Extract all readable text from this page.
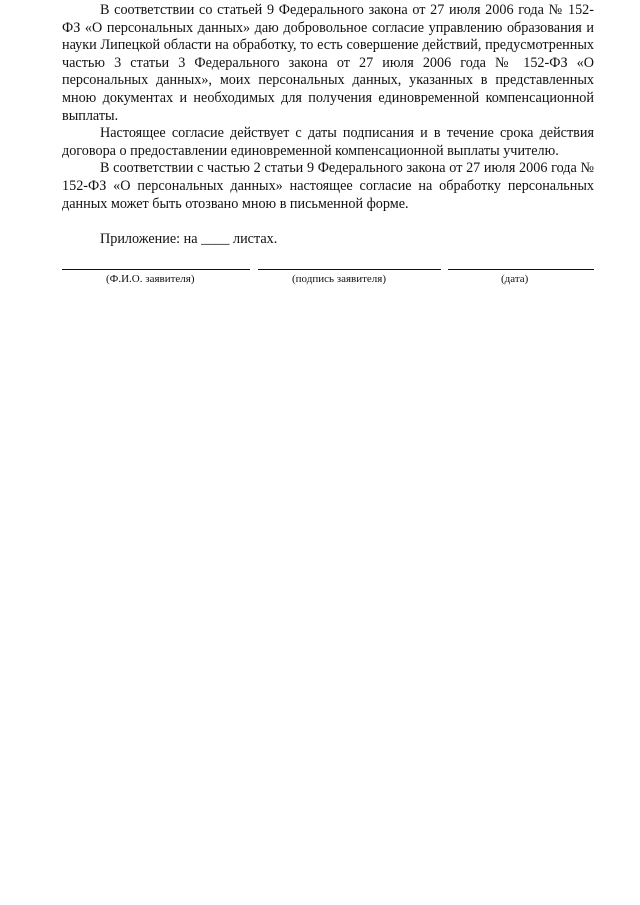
В соответствии со статьей 9 Федерального закона от 27 июля 2006 года № 152-ФЗ «О персональных данных» даю добровольное согласие управлению образования и науки Липецкой области на обработку, то есть совершение действий, предусмотренных частью 3 статьи 3 Федерального закона от 27 июля 2006 года № 152-ФЗ «О персональных данных», моих персональных данных, указанных в представленных мною документах и необходимых для получения единовременной компенсационной выплаты.

Настоящее согласие действует с даты подписания и в течение срока действия договора о предоставлении единовременной компенсационной выплаты учителю.

В соответствии с частью 2 статьи 9 Федерального закона от 27 июля 2006 года № 152-ФЗ «О персональных данных» настоящее согласие на обработку персональных данных может быть отозвано мною в письменной форме.

Приложение: на ____ листах.

(Ф.И.О. заявителя)	(подпись заявителя)	(дата)
